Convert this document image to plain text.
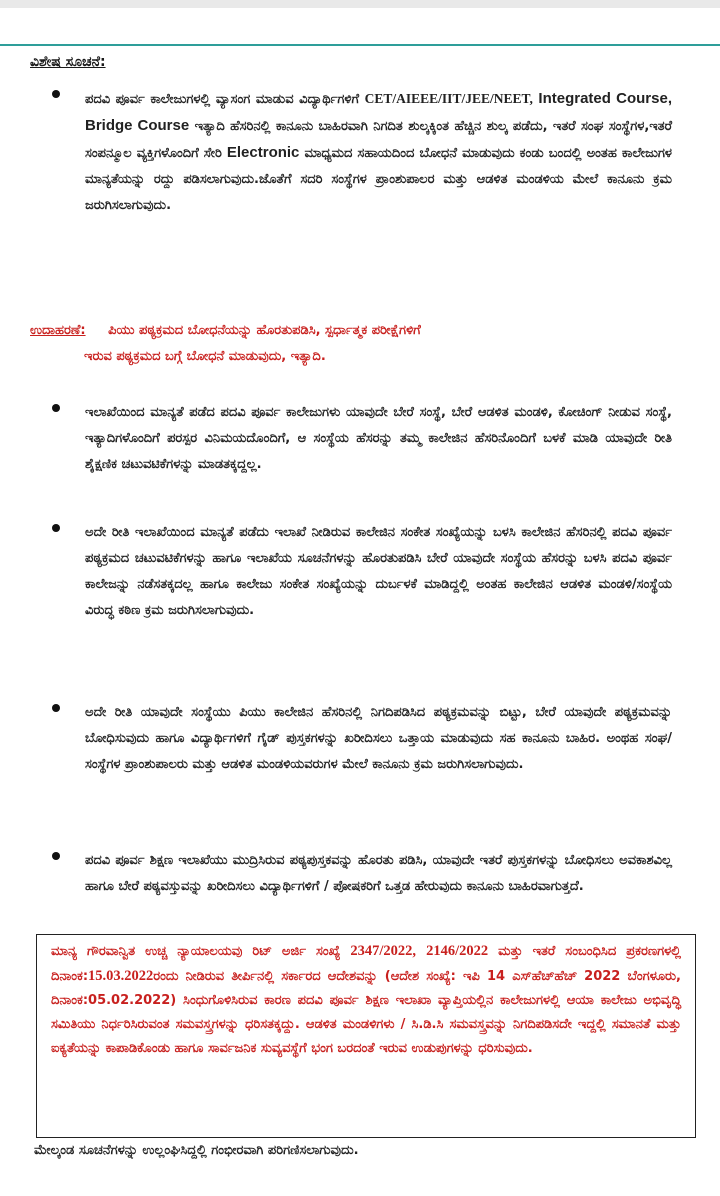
ವಿಶೇಷ ಸೂಚನೆ:
ಪದವಿ ಪೂರ್ವ ಕಾಲೇಜುಗಳಲ್ಲಿ ವ್ಯಾಸಂಗ ಮಾಡುವ ವಿದ್ಯಾರ್ಥಿಗಳಿಗೆ CET/AIEEE/IIT/JEE/NEET, Integrated Course, Bridge Course ಇತ್ಯಾದಿ ಹೆಸರಿನಲ್ಲಿ ಕಾನೂನು ಬಾಹಿರವಾಗಿ ನಿಗದಿತ ಶುಲ್ಕಕ್ಕಿಂತ ಹೆಚ್ಚಿನ ಶುಲ್ಕ ಪಡೆದು, ಇತರೆ ಸಂಘ ಸಂಸ್ಥೆಗಳ,ಇತರೆ ಸಂಪನ್ಮೂಲ ವ್ಯಕ್ತಿಗಳೊಂದಿಗೆ ಸೇರಿ Electronic ಮಾಧ್ಯಮದ ಸಹಾಯದಿಂದ ಬೋಧನೆ ಮಾಡುವುದು ಕಂಡು ಬಂದಲ್ಲಿ ಅಂತಹ ಕಾಲೇಜುಗಳ ಮಾನ್ಯತೆಯನ್ನು ರದ್ದು ಪಡಿಸಲಾಗುವುದು.ಜೊತೆಗೆ ಸದರಿ ಸಂಸ್ಥೆಗಳ ಪ್ರಾಂಶುಪಾಲರ ಮತ್ತು ಆಡಳಿತ ಮಂಡಳಿಯ ಮೇಲೆ ಕಾನೂನು ಕ್ರಮ ಜರುಗಿಸಲಾಗುವುದು.
ಉದಾಹರಣೆ: ಪಿಯು ಪಠ್ಯಕ್ರಮದ ಬೋಧನೆಯನ್ನು ಹೊರತುಪಡಿಸಿ, ಸ್ಪರ್ಧಾತ್ಮಕ ಪರೀಕ್ಷೆಗಳಿಗೆ
ಇರುವ ಪಠ್ಯಕ್ರಮದ ಬಗ್ಗೆ ಬೋಧನೆ ಮಾಡುವುದು, ಇತ್ಯಾದಿ.
ಇಲಾಖೆಯಿಂದ ಮಾನ್ಯತೆ ಪಡೆದ ಪದವಿ ಪೂರ್ವ ಕಾಲೇಜುಗಳು ಯಾವುದೇ ಬೇರೆ ಸಂಸ್ಥೆ, ಬೇರೆ ಆಡಳಿತ ಮಂಡಳಿ, ಕೋಚಿಂಗ್ ನೀಡುವ ಸಂಸ್ಥೆ, ಇತ್ಯಾದಿಗಳೊಂದಿಗೆ ಪರಸ್ಪರ ವಿನಿಮಯದೊಂದಿಗೆ, ಆ ಸಂಸ್ಥೆಯ ಹೆಸರನ್ನು ತಮ್ಮ ಕಾಲೇಜಿನ ಹೆಸರಿನೊಂದಿಗೆ ಬಳಕೆ ಮಾಡಿ ಯಾವುದೇ ರೀತಿ ಶೈಕ್ಷಣಿಕ ಚಟುವಟಿಕೆಗಳನ್ನು ಮಾಡತಕ್ಕದ್ದಲ್ಲ.
ಅದೇ ರೀತಿ ಇಲಾಖೆಯಿಂದ ಮಾನ್ಯತೆ ಪಡೆದು ಇಲಾಖೆ ನೀಡಿರುವ ಕಾಲೇಜಿನ ಸಂಕೇತ ಸಂಖ್ಯೆಯನ್ನು ಬಳಸಿ ಕಾಲೇಜಿನ ಹೆಸರಿನಲ್ಲಿ ಪದವಿ ಪೂರ್ವ ಪಠ್ಯಕ್ರಮದ ಚಟುವಟಿಕೆಗಳನ್ನು ಹಾಗೂ ಇಲಾಖೆಯ ಸೂಚನೆಗಳನ್ನು ಹೊರತುಪಡಿಸಿ ಬೇರೆ ಯಾವುದೇ ಸಂಸ್ಥೆಯ ಹೆಸರನ್ನು ಬಳಸಿ ಪದವಿ ಪೂರ್ವ ಕಾಲೇಜನ್ನು ನಡೆಸತಕ್ಕದಲ್ಲ ಹಾಗೂ ಕಾಲೇಜು ಸಂಕೇತ ಸಂಖ್ಯೆಯನ್ನು ದುರ್ಬಳಕೆ ಮಾಡಿದ್ದಲ್ಲಿ ಅಂತಹ ಕಾಲೇಜಿನ ಆಡಳಿತ ಮಂಡಳಿ/ಸಂಸ್ಥೆಯ ವಿರುದ್ಧ ಕಠಿಣ ಕ್ರಮ ಜರುಗಿಸಲಾಗುವುದು.
ಅದೇ ರೀತಿ ಯಾವುದೇ ಸಂಸ್ಥೆಯು ಪಿಯು ಕಾಲೇಜಿನ ಹೆಸರಿನಲ್ಲಿ ನಿಗದಿಪಡಿಸಿದ ಪಠ್ಯಕ್ರಮವನ್ನು ಬಿಟ್ಟು, ಬೇರೆ ಯಾವುದೇ ಪಠ್ಯಕ್ರಮವನ್ನು ಬೋಧಿಸುವುದು ಹಾಗೂ ವಿದ್ಯಾರ್ಥಿಗಳಿಗೆ ಗೈಡ್ ಪುಸ್ತಕಗಳನ್ನು ಖರೀದಿಸಲು ಒತ್ತಾಯ ಮಾಡುವುದು ಸಹ ಕಾನೂನು ಬಾಹಿರ. ಅಂಥಹ ಸಂಘ/ಸಂಸ್ಥೆಗಳ ಪ್ರಾಂಶುಪಾಲರು ಮತ್ತು ಆಡಳಿತ ಮಂಡಳಿಯವರುಗಳ ಮೇಲೆ ಕಾನೂನು ಕ್ರಮ ಜರುಗಿಸಲಾಗುವುದು.
ಪದವಿ ಪೂರ್ವ ಶಿಕ್ಷಣ ಇಲಾಖೆಯು ಮುದ್ರಿಸಿರುವ ಪಠ್ಯಪುಸ್ತಕವನ್ನು ಹೊರತು ಪಡಿಸಿ, ಯಾವುದೇ ಇತರೆ ಪುಸ್ತಕಗಳನ್ನು ಬೋಧಿಸಲು ಅವಕಾಶವಿಲ್ಲ ಹಾಗೂ ಬೇರೆ ಪಠ್ಯವಸ್ತುವನ್ನು ಖರೀದಿಸಲು ವಿದ್ಯಾರ್ಥಿಗಳಿಗೆ / ಪೋಷಕರಿಗೆ ಒತ್ತಡ ಹೇರುವುದು ಕಾನೂನು ಬಾಹಿರವಾಗುತ್ತದೆ.

ಮಾನ್ಯ ಗೌರವಾನ್ವಿತ ಉಚ್ಚ ನ್ಯಾಯಾಲಯವು ರಿಟ್ ಅರ್ಜಿ ಸಂಖ್ಯೆ 2347/2022, 2146/2022 ಮತ್ತು ಇತರೆ ಸಂಬಂಧಿಸಿದ ಪ್ರಕರಣಗಳಲ್ಲಿ ದಿನಾಂಕ:15.03.2022ರಂದು ನೀಡಿರುವ ತೀರ್ಪಿನಲ್ಲಿ ಸರ್ಕಾರದ ಆದೇಶವನ್ನು (ಆದೇಶ ಸಂಖ್ಯೆ: ಇಪಿ 14 ಎಸ್‌ಹೆಚ್‌ಹೆಚ್ 2022 ಬೆಂಗಳೂರು, ದಿನಾಂಕ:05.02.2022) ಸಿಂಧುಗೊಳಿಸಿರುವ ಕಾರಣ ಪದವಿ ಪೂರ್ವ ಶಿಕ್ಷಣ ಇಲಾಖಾ ವ್ಯಾಪ್ತಿಯಲ್ಲಿನ ಕಾಲೇಜುಗಳಲ್ಲಿ ಆಯಾ ಕಾಲೇಜು ಅಭಿವೃದ್ಧಿ ಸಮಿತಿಯು ನಿರ್ಧರಿಸಿರುವಂತ ಸಮವಸ್ತ್ರಗಳನ್ನು ಧರಿಸತಕ್ಕದ್ದು. ಆಡಳಿತ ಮಂಡಳಿಗಳು / ಸಿ.ಡಿ.ಸಿ ಸಮವಸ್ತ್ರವನ್ನು ನಿಗದಿಪಡಿಸದೇ ಇದ್ದಲ್ಲಿ ಸಮಾನತೆ ಮತ್ತು ಐಕ್ಯತೆಯನ್ನು ಕಾಪಾಡಿಕೊಂಡು ಹಾಗೂ ಸಾರ್ವಜನಿಕ ಸುವ್ಯವಸ್ಥೆಗೆ ಭಂಗ ಬರದಂತೆ ಇರುವ ಉಡುಪುಗಳನ್ನು ಧರಿಸುವುದು.

ಮೇಲ್ಕಂಡ ಸೂಚನೆಗಳನ್ನು ಉಲ್ಲಂಘಿಸಿದ್ದಲ್ಲಿ ಗಂಭೀರವಾಗಿ ಪರಿಗಣಿಸಲಾಗುವುದು.
